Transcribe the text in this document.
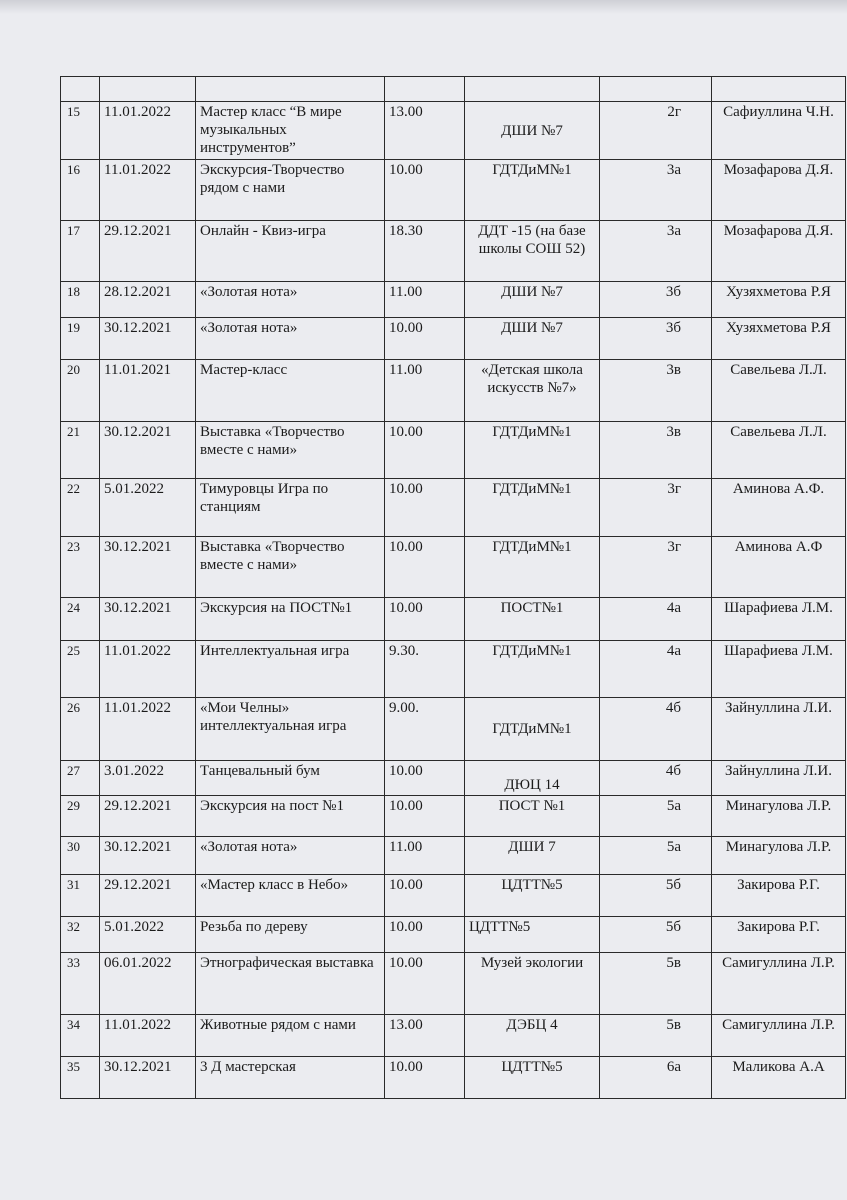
15	11.01.2022	Мастер класс “В мире музыкальных инструментов”	13.00	ДШИ №7	2г	Сафиуллина Ч.Н.
16	11.01.2022	Экскурсия-Творчество рядом с нами	10.00	ГДТДиМ№1	3а	Мозафарова Д.Я.
17	29.12.2021	Онлайн - Квиз-игра	18.30	ДДТ -15 (на базе школы СОШ 52)	3а	Мозафарова Д.Я.
18	28.12.2021	«Золотая нота»	11.00	ДШИ №7	3б	Хузяхметова Р.Я
19	30.12.2021	«Золотая нота»	10.00	ДШИ №7	3б	Хузяхметова Р.Я
20	11.01.2021	Мастер-класс	11.00	«Детская школа искусств №7»	3в	Савельева Л.Л.
21	30.12.2021	Выставка «Творчество вместе с нами»	10.00	ГДТДиМ№1	3в	Савельева Л.Л.
22	5.01.2022	Тимуровцы Игра по станциям	10.00	ГДТДиМ№1	3г	Аминова А.Ф.
23	30.12.2021	Выставка «Творчество вместе с нами»	10.00	ГДТДиМ№1	3г	Аминова А.Ф
24	30.12.2021	Экскурсия на ПОСТ№1	10.00	ПОСТ№1	4а	Шарафиева Л.М.
25	11.01.2022	Интеллектуальная игра	9.30.	ГДТДиМ№1	4а	Шарафиева Л.М.
26	11.01.2022	«Мои Челны» интеллектуальная игра	9.00.	ГДТДиМ№1	4б	Зайнуллина Л.И.
27	3.01.2022	Танцевальный бум	10.00	ДЮЦ 14	4б	Зайнуллина Л.И.
29	29.12.2021	Экскурсия на пост №1	10.00	ПОСТ №1	5а	Минагулова Л.Р.
30	30.12.2021	«Золотая нота»	11.00	ДШИ 7	5а	Минагулова Л.Р.
31	29.12.2021	«Мастер класс в Небо»	10.00	ЦДТТ№5	5б	Закирова Р.Г.
32	5.01.2022	Резьба по дереву	10.00	ЦДТТ№5	5б	Закирова Р.Г.
33	06.01.2022	Этнографическая выставка	10.00	Музей экологии	5в	Самигуллина Л.Р.
34	11.01.2022	Животные рядом с нами	13.00	ДЭБЦ 4	5в	Самигуллина Л.Р.
35	30.12.2021	3 Д мастерская	10.00	ЦДТТ№5	6а	Маликова А.А
